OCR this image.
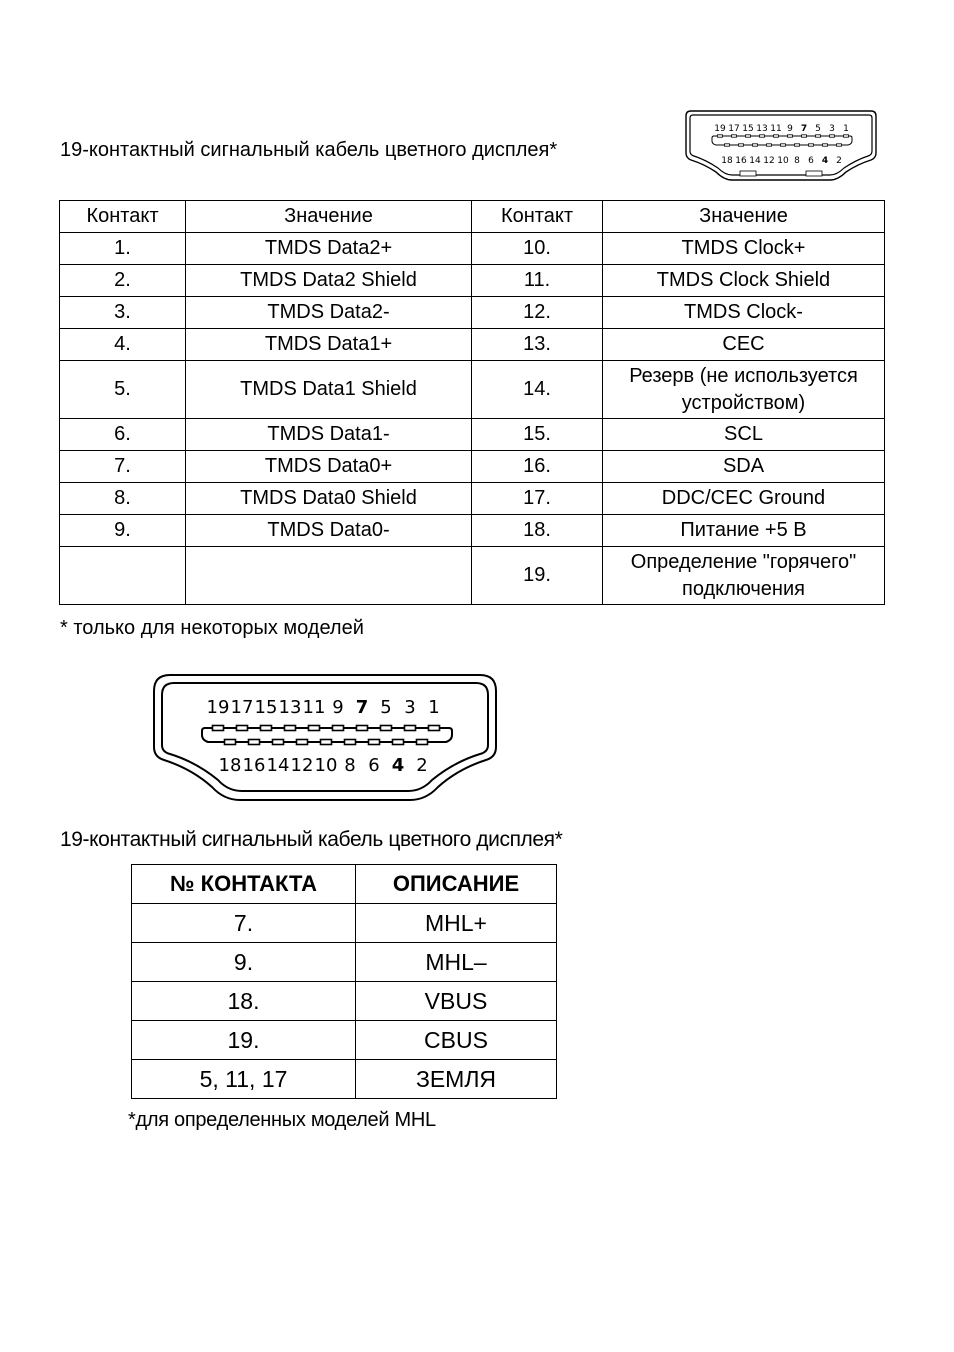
19-контактный сигнальный кабель цветного дисплея*
19 17 15 13 11 9 7 5 3 1
18 16 14 12 10 8 6 4 2
Контакт	Значение	Контакт	Значение
1.	TMDS Data2+	10.	TMDS Clock+
2.	TMDS Data2 Shield	11.	TMDS Clock Shield
3.	TMDS Data2-	12.	TMDS Clock-
4.	TMDS Data1+	13.	CEC
5.	TMDS Data1 Shield	14.	Резерв (не используется устройством)
6.	TMDS Data1-	15.	SCL
7.	TMDS Data0+	16.	SDA
8.	TMDS Data0 Shield	17.	DDC/CEC Ground
9.	TMDS Data0-	18.	Питание +5 В
		19.	Определение "горячего" подключения
* только для некоторых моделей
19 17 15 13 11 9 7 5 3 1
18 16 14 12 10 8 6 4 2
19-контактный сигнальный кабель цветного дисплея*
№ КОНТАКТА	ОПИСАНИЕ
7.	MHL+
9.	MHL–
18.	VBUS
19.	CBUS
5, 11, 17	ЗЕМЛЯ
*для определенных моделей MHL
